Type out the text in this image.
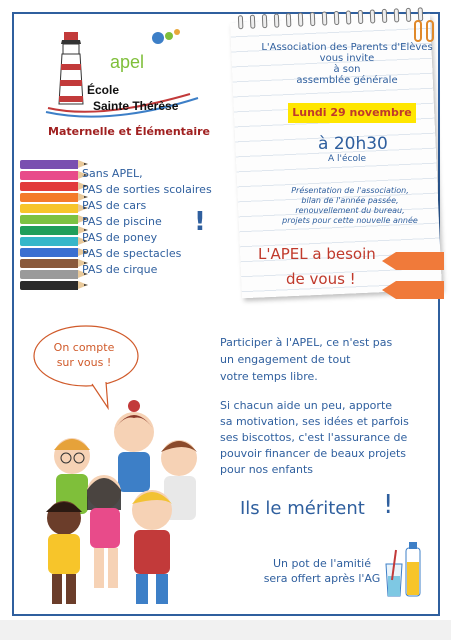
apel
École
Sainte Thérèse
Maternelle et Élémentaire
Sans APEL,
PAS de sorties scolaires
PAS de cars
PAS de piscine
PAS de poney
PAS de spectacles
PAS de cirque
!
L'Association des Parents d'Elèves
vous invite
à son
assemblée générale
Lundi 29 novembre
à 20h30
A l'école
Présentation de l'association,
bilan de l'année passée,
renouvellement du bureau,
projets pour cette nouvelle année
L'APEL a besoin
de vous !
On compte
sur vous !
Participer à l'APEL, ce n'est pas
un engagement de tout
votre temps libre.
Si chacun aide un peu, apporte
sa motivation, ses idées et parfois
ses biscottos, c'est l'assurance de
pouvoir financer de beaux projets
pour nos enfants
Ils le méritent !
Un pot de l'amitié
sera offert après l'AG
